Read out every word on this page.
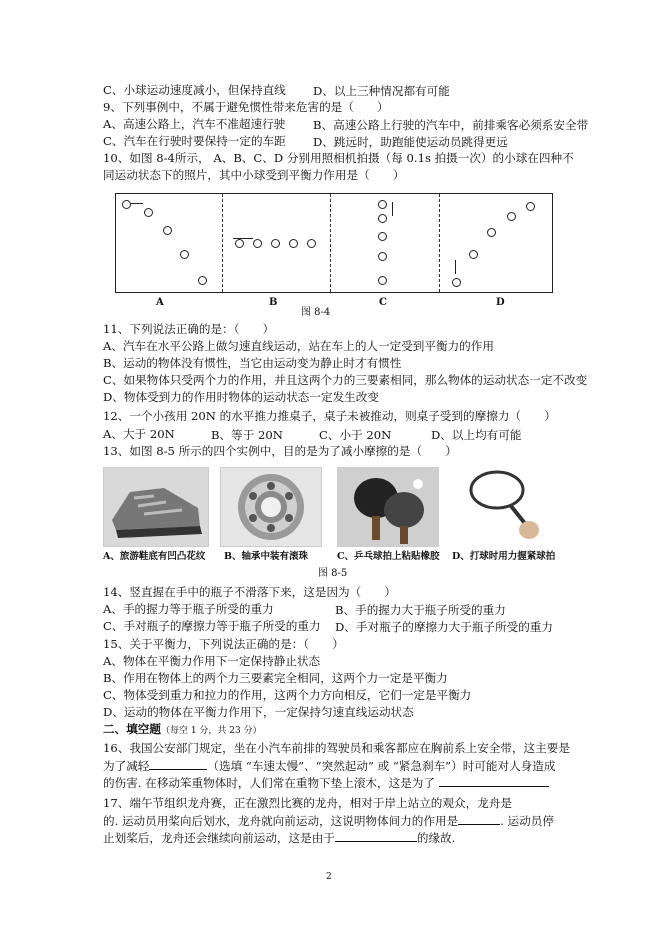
C、小球运动速度减小，但保持直线 D、以上三种情况都有可能
9、下列事例中，不属于避免惯性带来危害的是（　　）
A、高速公路上，汽车不准超速行驶 B、高速公路上行驶的汽车中，前排乘客必须系安全带
C、汽车在行驶时要保持一定的车距 D、跳远时，助跑能使运动员跳得更远
10、如图 8-4所示， A、B、C、D 分别用照相机拍摄（每 0.1s 拍摄一次）的小球在四种不
同运动状态下的照片，其中小球受到平衡力作用是（　　）
A	B	C	D
图 8-4
11、下列说法正确的是：（　　）
A、汽车在水平公路上做匀速直线运动，站在车上的人一定受到平衡力的作用
B、运动的物体没有惯性，当它由运动变为静止时才有惯性
C、如果物体只受两个力的作用，并且这两个力的三要素相同，那么物体的运动状态一定不改变
D、物体受到力的作用时物体的运动状态一定发生改变
12、一个小孩用 20N 的水平推力推桌子，桌子未被推动，则桌子受到的摩擦力（　　）
A、大于 20N	B、等于 20N	C、小于 20N	D、以上均有可能
13、如图 8-5 所示的四个实例中，目的是为了减小摩擦的是（　　）
A、旅游鞋底有凹凸花纹 B、轴承中装有滚珠	C、乒乓球拍上粘贴橡胶 D、打球时用力握紧球拍
图 8-5
14、竖直握在手中的瓶子不滑落下来，这是因为（　　）
A、手的握力等于瓶子所受的重力	B、手的握力大于瓶子所受的重力
C、手对瓶子的摩擦力等于瓶子所受的重力 D、手对瓶子的摩擦力大于瓶子所受的重力
15、关于平衡力，下列说法正确的是：（　　）
A、物体在平衡力作用下一定保持静止状态
B、作用在物体上的两个力三要素完全相同，这两个力一定是平衡力
C、物体受到重力和拉力的作用，这两个力方向相反，它们一定是平衡力
D、运动的物体在平衡力作用下，一定保持匀速直线运动状态
二、填空题（每空 1 分，共 23 分）
16、我国公安部门规定，坐在小汽车前排的驾驶员和乘客都应在胸前系上安全带，这主要是
为了减轻	（选填 “车速太慢”、“突然起动” 或 “紧急刹车”）时可能对人身造成
的伤害. 在移动笨重物体时，人们常在重物下垫上滚木，这是为了
17、端午节组织龙舟赛，正在激烈比赛的龙舟，相对于岸上站立的观众，龙舟是
的. 运动员用桨向后划水，龙舟就向前运动，这说明物体间力的作用是	. 运动员停
止划桨后，龙舟还会继续向前运动，这是由于	的缘故.
2
